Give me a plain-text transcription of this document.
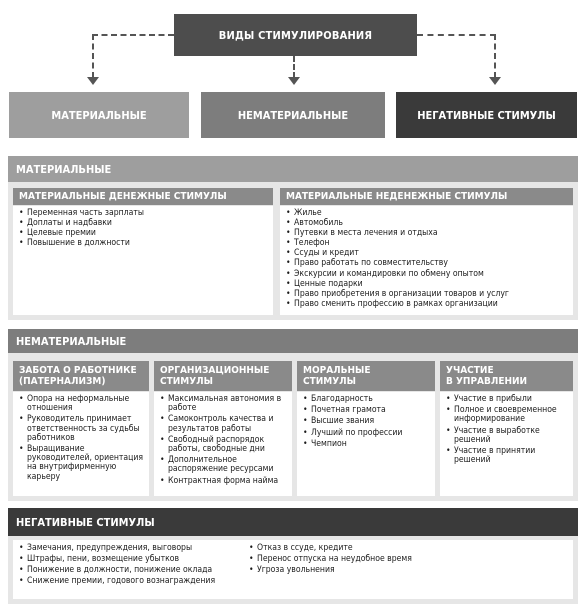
ВИДЫ СТИМУЛИРОВАНИЯ
МАТЕРИАЛЬНЫЕ	НЕМАТЕРИАЛЬНЫЕ	НЕГАТИВНЫЕ СТИМУЛЫ
МАТЕРИАЛЬНЫЕ
МАТЕРИАЛЬНЫЕ ДЕНЕЖНЫЕ СТИМУЛЫ
• Переменная часть зарплаты
• Доплаты и надбавки
• Целевые премии
• Повышение в должности
МАТЕРИАЛЬНЫЕ НЕДЕНЕЖНЫЕ СТИМУЛЫ
• Жилье
• Автомобиль
• Путевки в места лечения и отдыха
• Телефон
• Ссуды и кредит
• Право работать по совместительству
• Экскурсии и командировки по обмену опытом
• Ценные подарки
• Право приобретения в организации товаров и услуг
• Право сменить профессию в рамках организации
НЕМАТЕРИАЛЬНЫЕ
ЗАБОТА О РАБОТНИКЕ
(ПАТЕРНАЛИЗМ)
• Опора на неформальные отношения
• Руководитель принимает ответственность за судьбы работников
• Выращивание руководителей, ориентация на внутрифирменную карьеру
ОРГАНИЗАЦИОННЫЕ
СТИМУЛЫ
• Максимальная автономия в работе
• Самоконтроль качества и результатов работы
• Свободный распорядок работы, свободные дни
• Дополнительное распоряжение ресурсами
• Контрактная форма найма
МОРАЛЬНЫЕ
СТИМУЛЫ
• Благодарность
• Почетная грамота
• Высшие звания
• Лучший по профессии
• Чемпион
УЧАСТИЕ
В УПРАВЛЕНИИ
• Участие в прибыли
• Полное и своевременное информирование
• Участие в выработке решений
• Участие в принятии решений
НЕГАТИВНЫЕ СТИМУЛЫ
• Замечания, предупреждения, выговоры
• Штрафы, пени, возмещение убытков
• Понижение в должности, понижение оклада
• Снижение премии, годового вознаграждения
• Отказ в ссуде, кредите
• Перенос отпуска на неудобное время
• Угроза увольнения
